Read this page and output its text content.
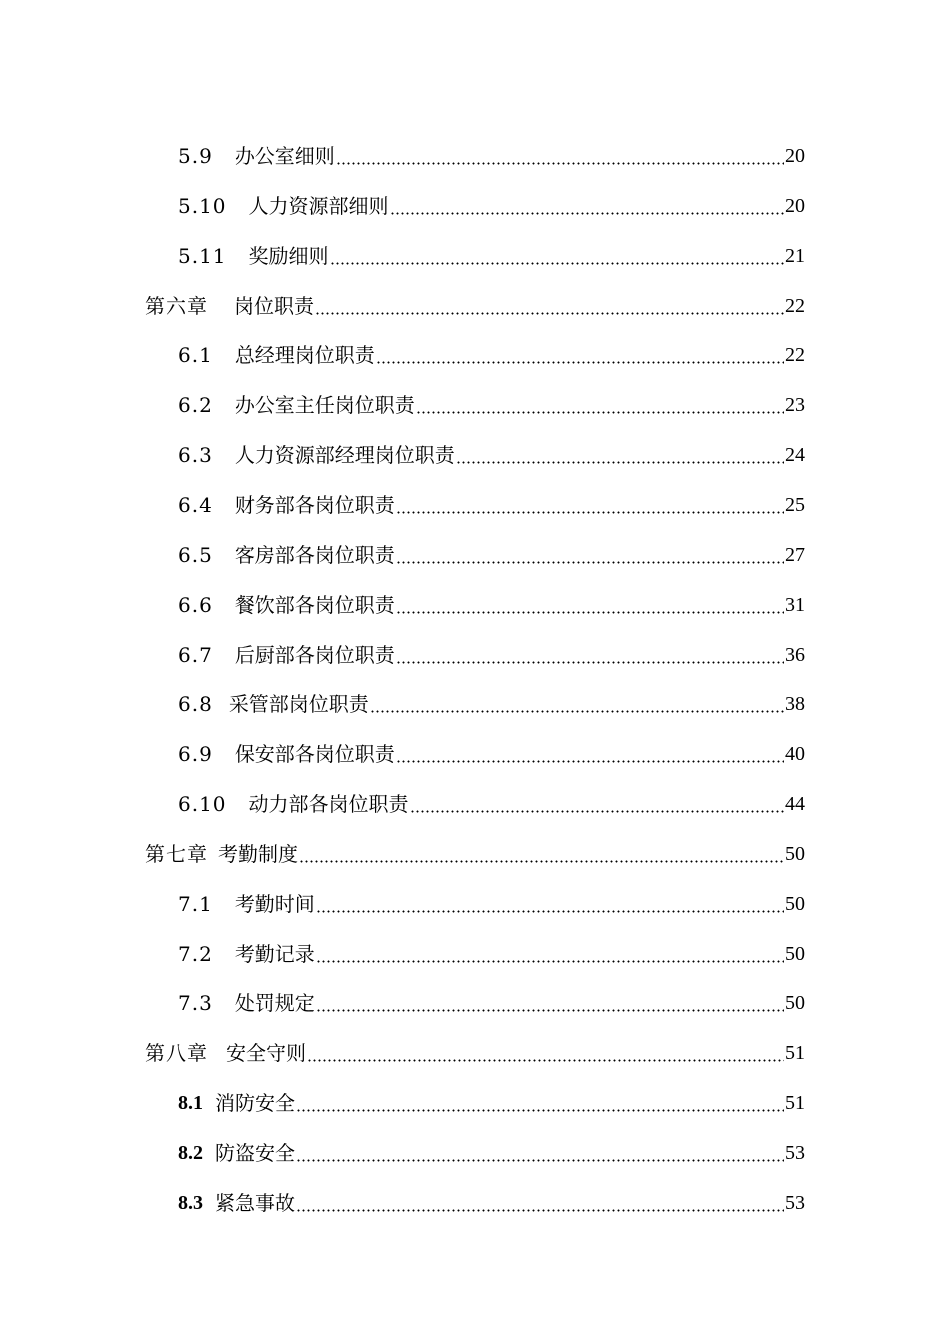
5.9 办公室细则	20
5.10 人力资源部细则	20
5.11 奖励细则	21
第六章 岗位职责	22
6.1 总经理岗位职责	22
6.2 办公室主任岗位职责	23
6.3 人力资源部经理岗位职责	24
6.4 财务部各岗位职责	25
6.5 客房部各岗位职责	27
6.6 餐饮部各岗位职责	31
6.7 后厨部各岗位职责	36
6.8 采管部岗位职责	38
6.9 保安部各岗位职责	40
6.10 动力部各岗位职责	44
第七章 考勤制度	50
7.1 考勤时间	50
7.2 考勤记录	50
7.3 处罚规定	50
第八章 安全守则	51
8.1 消防安全	51
8.2 防盗安全	53
8.3 紧急事故	53
